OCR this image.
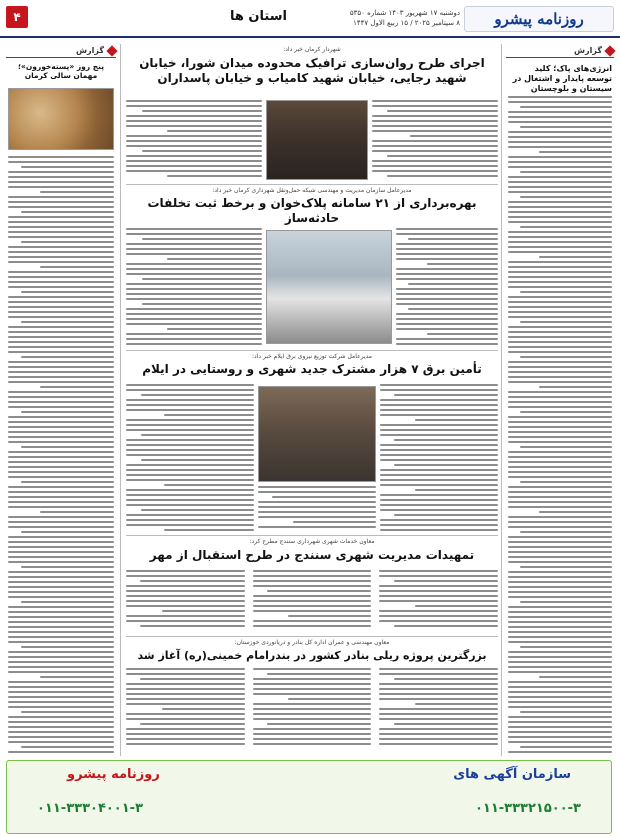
روزنامه پیشرو
دوشنبه ۱۷ شهریور ۱۴۰۳ شماره ۵۳۵۰
۸ سپتامبر ۲۰۲۵ / ۱۵ ربیع الاول ۱۴۴۷
استان ها
۴
گزارش
انرژی‌های پاک؛ کلید توسعه پایدار و اشتغال در سیستان و بلوچستان
گزارش
پنج روز «پسته‌خورون»؛ مهمان سالی کرمان
شهردار کرمان خبر داد:
اجرای طرح روان‌سازی ترافیک محدوده میدان شورا، خیابان شهید رجایی، خیابان شهید کامیاب و خیابان پاسداران
مدیرعامل سازمان مدیریت و مهندسی شبکه حمل‌ونقل شهرداری کرمان خبر داد:
بهره‌برداری از ۲۱ سامانه پلاک‌خوان و برخط ثبت تخلفات حادثه‌ساز
مدیرعامل شرکت توزیع نیروی برق ایلام خبر داد:
تأمین برق ۷ هزار مشترک جدید شهری و روستایی در ایلام
معاون خدمات شهری شهرداری سنندج مطرح کرد:
تمهیدات مدیریت شهری سنندج در طرح استقبال از مهر
معاون مهندسی و عمران اداره کل بنادر و دریانوردی خوزستان:
بزرگترین پروژه ریلی بنادر کشور در بندرامام خمینی(ره) آغاز شد
سازمان آگهی های
روزنامه پیشرو
۰۱۱-۳۳۳۲۱۵۰۰-۳
۰۱۱-۳۳۳۰۴۰۰۱-۳
